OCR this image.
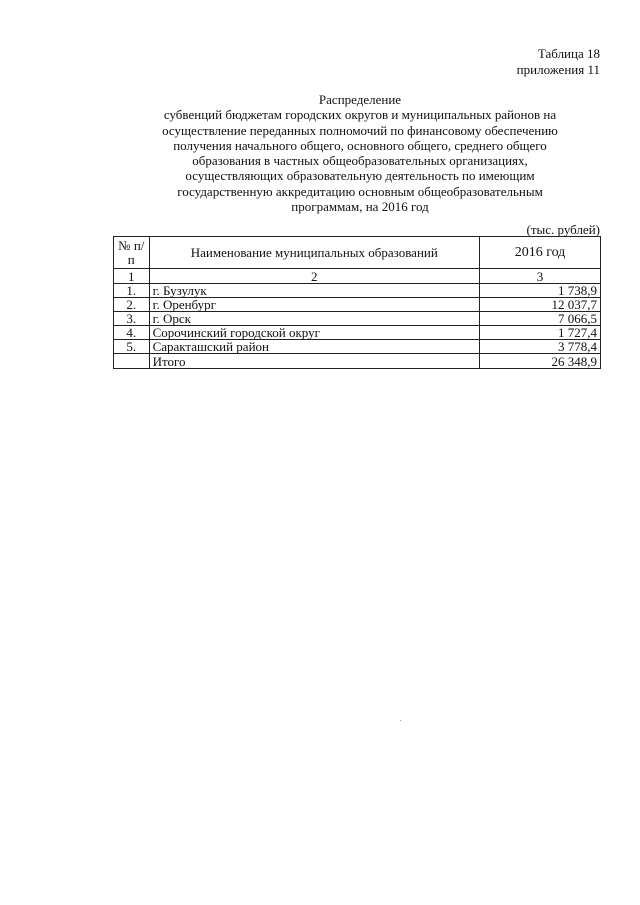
Таблица 18
приложения 11
Распределение
субвенций бюджетам городских округов и муниципальных районов на
осуществление переданных полномочий по финансовому обеспечению
получения начального общего, основного общего, среднего общего
образования в частных общеобразовательных организациях,
осуществляющих образовательную деятельность по имеющим
государственную аккредитацию основным общеобразовательным
программам, на 2016 год
(тыс. рублей)
№ п/п	Наименование муниципальных образований	2016 год
1	2	3
1.	г. Бузулук	1 738,9
2.	г. Оренбург	12 037,7
3.	г. Орск	7 066,5
4.	Сорочинский городской округ	1 727,4
5.	Саракташский район	3 778,4
	Итого	26 348,9
